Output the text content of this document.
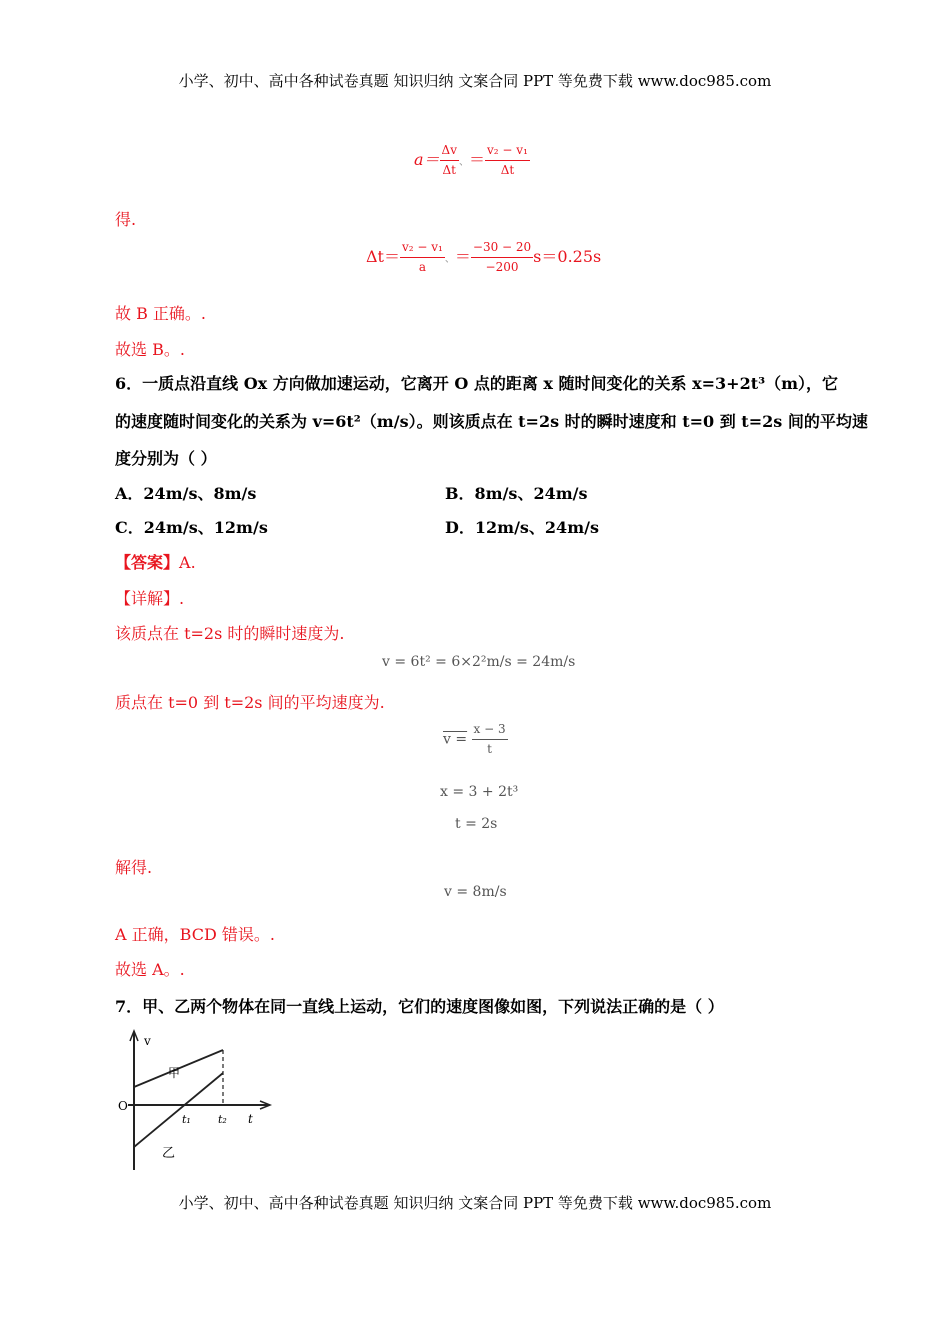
小学、初中、高中各种试卷真题 知识归纳 文案合同 PPT 等免费下载 www.doc985.com
$a= \frac{\Delta v}{\Delta t}$ 、＝ $\frac{\text{v₂ − v₁}}{\Delta t}$
得.
$\Delta t= \frac{\text{v₂ − v₁}}{a}$ 、＝ $\frac{-30 - 20}{-200} s=0.25s$
故 B 正确。.
故选 B。.
6．一质点沿直线 Ox 方向做加速运动，它离开 O 点的距离 x 随时间变化的关系 x=3+2t³（m），它
的速度随时间变化的关系为 v=6t²（m/s）。则该质点在 t=2s 时的瞬时速度和 t=0 到 t=2s 间的平均速
度分别为（ ）
A．24m/s、8m/s	B．8m/s、24m/s
C．24m/s、12m/s	D．12m/s、24m/s
【答案】A.
【详解】.
该质点在 t=2s 时的瞬时速度为.
v = 6t² = 6×2²m/s = 24m/s
质点在 t=0 到 t=2s 间的平均速度为.
$v = \frac{x - 3}{t}$
x = 3 + 2t³
t = 2s
解得.
v = 8m/s
A 正确，BCD 错误。.
故选 A。.
7．甲、乙两个物体在同一直线上运动，它们的速度图像如图，下列说法正确的是（ ）
v
O
t
t₁ t₂
甲
乙
小学、初中、高中各种试卷真题 知识归纳 文案合同 PPT 等免费下载 www.doc985.com
